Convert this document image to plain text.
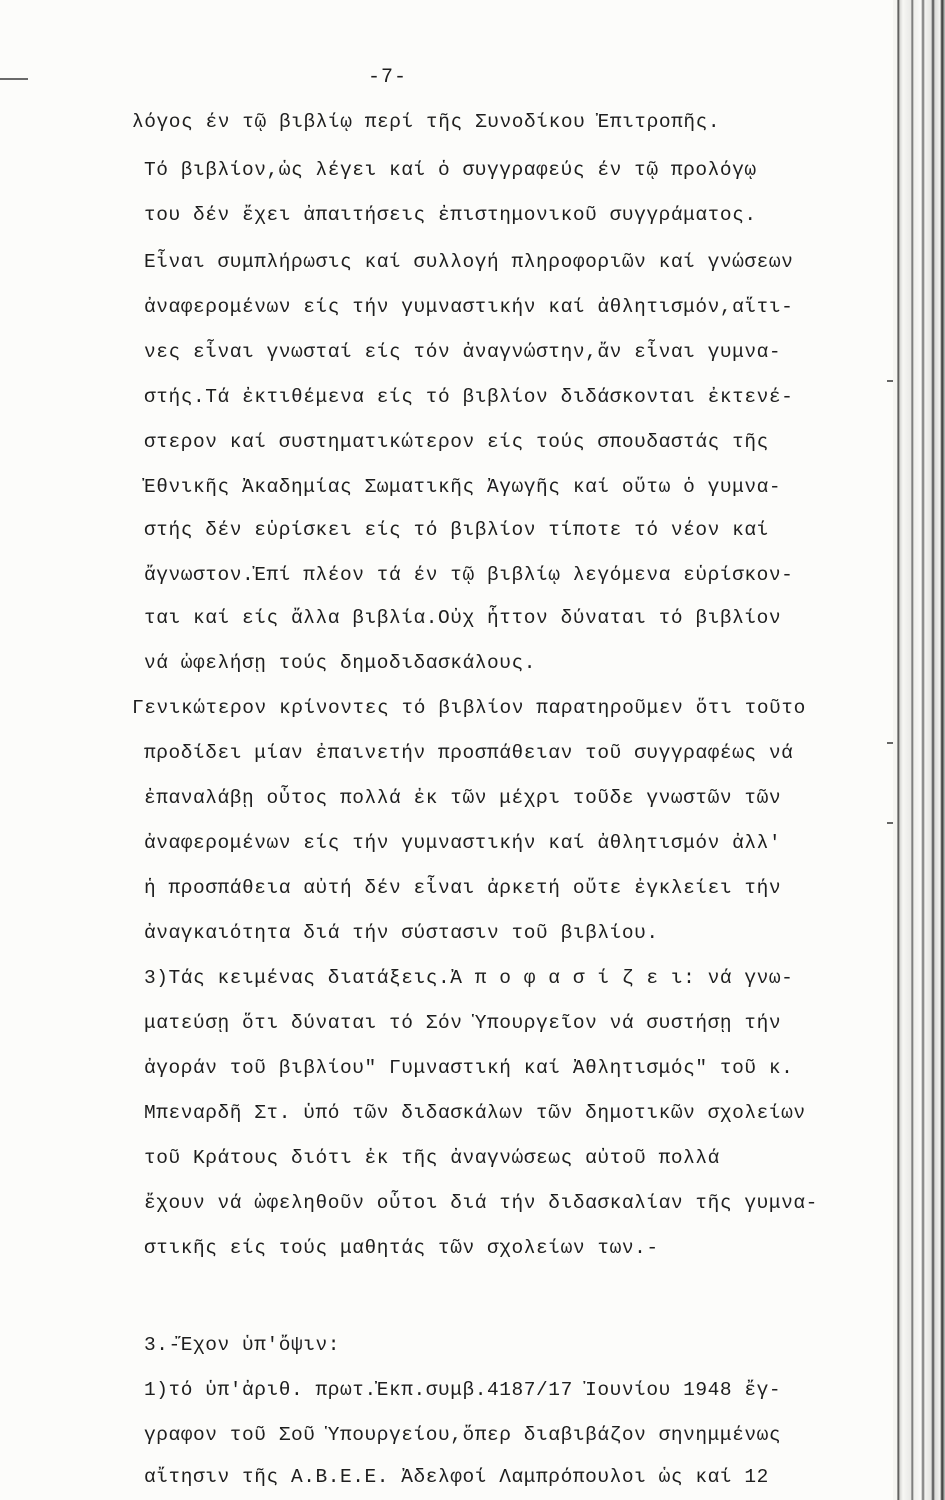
-7-
λόγος έν τῷ βιβλίῳ περί τῆς Συνοδίκου Ἐπιτροπῆς.
Τό βιβλίον,ὡς λέγει καί ὁ συγγραφεύς έν τῷ προλόγῳ
του δέν ἔχει ἀπαιτήσεις ἐπιστημονικοῦ συγγράματος.
Εἶναι συμπλήρωσις καί συλλογή πληροφοριῶν καί γνώσεων
ἀναφερομένων είς τήν γυμναστικήν καί ἀθλητισμόν,αἵτι-
νες εἶναι γνωσταί είς τόν ἀναγνώστην,ἄν εἶναι γυμνα-
στής.Τά ἐκτιθέμενα είς τό βιβλίον διδάσκονται ἐκτενέ-
στερον καί συστηματικώτερον είς τούς σπουδαστάς τῆς
Ἐθνικῆς Ἀκαδημίας Σωματικῆς Ἀγωγῆς καί οὕτω ὁ γυμνα-
στής δέν εὑρίσκει είς τό βιβλίον τίποτε τό νέον καί
ἄγνωστον.Ἐπί πλέον τά έν τῷ βιβλίῳ λεγόμενα εὑρίσκον-
ται καί είς ἄλλα βιβλία.Οὐχ ἧττον δύναται τό βιβλίον
νά ὠφελήσῃ τούς δημοδιδασκάλους.
Γενικώτερον κρίνοντες τό βιβλίον παρατηροῦμεν ὅτι τοῦτο
προδίδει μίαν ἐπαινετήν προσπάθειαν τοῦ συγγραφέως νά
ἐπαναλάβῃ οὗτος πολλά ἐκ τῶν μέχρι τοῦδε γνωστῶν τῶν
ἀναφερομένων είς τήν γυμναστικήν καί ἀθλητισμόν ἀλλ'
ἡ προσπάθεια αὐτή δέν εἶναι ἀρκετή οὔτε ἐγκλείει τήν
ἀναγκαιότητα διά τήν σύστασιν τοῦ βιβλίου.
3)Τάς κειμένας διατάξεις.Ἀ π ο φ α σ ί ζ ε ι: νά γνω-
ματεύσῃ ὅτι δύναται τό Σόν Ὑπουργεῖον νά συστήσῃ τήν
ἀγοράν τοῦ βιβλίου" Γυμναστική καί Ἀθλητισμός" τοῦ κ.
Μπεναρδῆ Στ. ὑπό τῶν διδασκάλων τῶν δημοτικῶν σχολείων
τοῦ Κράτους διότι ἐκ τῆς ἀναγνώσεως αὐτοῦ πολλά
ἔχουν νά ὠφεληθοῦν οὗτοι διά τήν διδασκαλίαν τῆς γυμνα-
στικῆς είς τούς μαθητάς τῶν σχολείων των.-
3.-Ἔχον ὑπ'ὄψιν:
1)τό ὑπ'ἀριθ. πρωτ.Ἐκπ.συμβ.4187/17 Ἰουνίου 1948 ἔγ-
γραφον τοῦ Σοῦ Ὑπουργείου,ὅπερ διαβιβάζον σηνημμένως
αἴτησιν τῆς Α.Β.Ε.Ε. Ἀδελφοί Λαμπρόπουλοι ὡς καί 12
